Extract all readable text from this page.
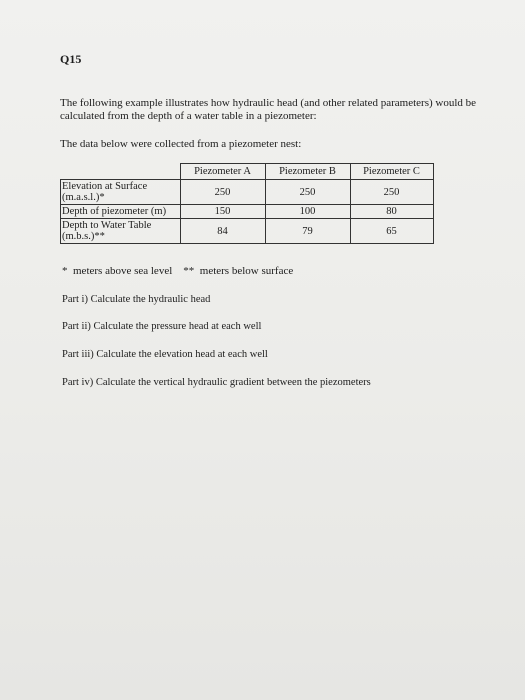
Q15
The following example illustrates how hydraulic head (and other related parameters) would be calculated from the depth of a water table in a piezometer:
The data below were collected from a piezometer nest:
	Piezometer A	Piezometer B	Piezometer C
Elevation at Surface
(m.a.s.l.)*	250	250	250
Depth of piezometer (m)	150	100	80
Depth to Water Table
(m.b.s.)**	84	79	65
*  meters above sea level    **  meters below surface
Part i) Calculate the hydraulic head
Part ii) Calculate the pressure head at each well
Part iii) Calculate the elevation head at each well
Part iv) Calculate the vertical hydraulic gradient between the piezometers
